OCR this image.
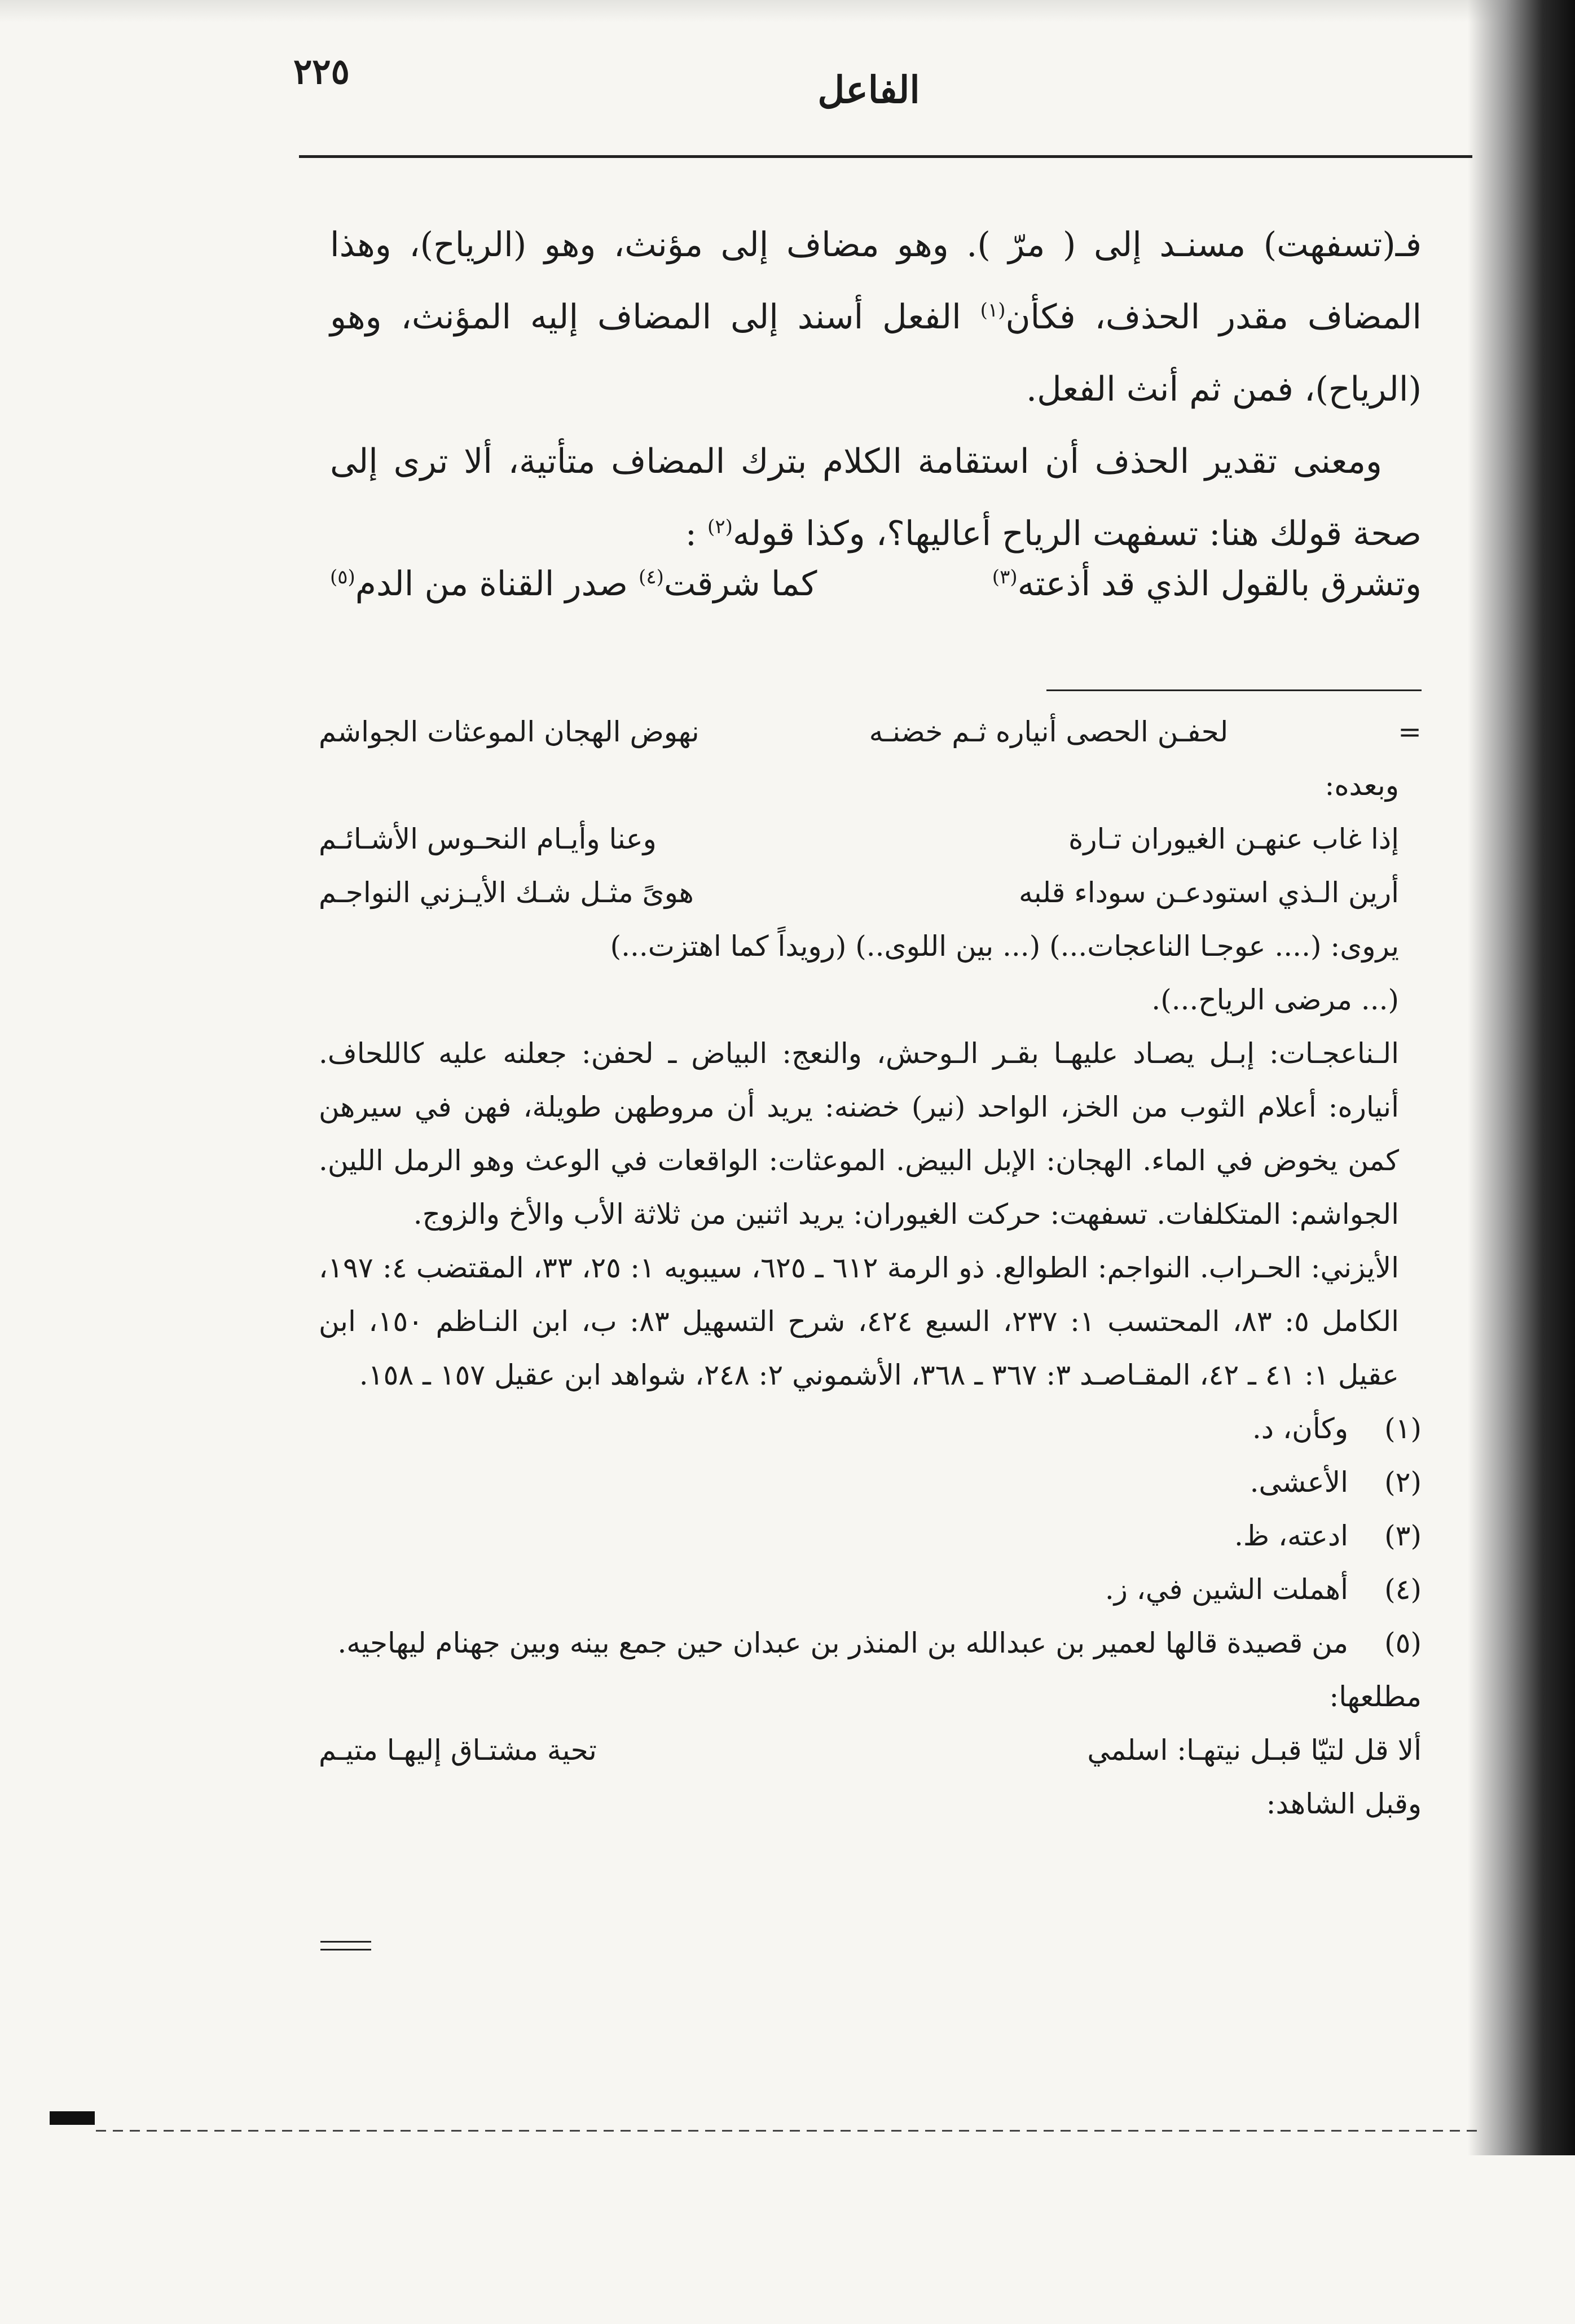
٢٢٥	الفاعل

فـ(تسفهت) مسنـد إلى ( مرّ ). وهو مضاف إلى مؤنث، وهو (الرياح)، وهذا المضاف مقدر الحذف، فكأن$^{(١)}$ الفعل أسند إلى المضاف إليه المؤنث، وهو (الرياح)، فمن ثم أنث الفعل.

ومعنى تقدير الحذف أن استقامة الكلام بترك المضاف متأتية، ألا ترى إلى صحة قولك هنا: تسفهت الرياح أعاليها؟، وكذا قوله$^{(٢)}$ :

وتشرق بالقول الذي قد أذعته$^{(٣)}$
كما شرقت$^{(٤)}$ صدر القناة من الدم$^{(٥)}$
=
لحفـن الحصى أنياره ثـم خضنـه
نهوض الهجان الموعثات الجواشم

وبعده:

إذا غاب عنهـن الغيوران تـارة
وعنا وأيـام النحـوس الأشـائـم
أرين الـذي استودعـن سوداء قلبه
هوىً مثـل شـك الأيـزني النواجـم

يروى: (.... عوجـا الناعجات...) (... بين اللوى..) (رويداً كما اهتزت...)

(... مرضى الرياح...).

الـناعجـات: إبـل يصـاد عليهـا بقـر الـوحش، والنعج: البياض ـ لحفن: جعلنه عليه كاللحاف. أنياره: أعلام الثوب من الخز، الواحد (نير) خضنه: يريد أن مروطهن طويلة، فهن في سيرهن كمن يخوض في الماء. الهجان: الإبل البيض. الموعثات: الواقعات في الوعث وهو الرمل اللين. الجواشم: المتكلفات. تسفهت: حركت الغيوران: يريد اثنين من ثلاثة الأب والأخ والزوج.

الأيزني: الحـراب. النواجم: الطوالع. ذو الرمة ٦١٢ ـ ٦٢٥، سيبويه ١: ٢٥، ٣٣، المقتضب ٤: ١٩٧، الكامل ٥: ٨٣، المحتسب ١: ٢٣٧، السبع ٤٢٤، شرح التسهيل ٨٣: ب، ابن النـاظم ١٥٠، ابن عقيل ١: ٤١ ـ ٤٢، المقـاصـد ٣: ٣٦٧ ـ ٣٦٨، الأشموني ٢: ٢٤٨، شواهد ابن عقيل ١٥٧ ـ ١٥٨.

(١)
وكأن، د.
(٢)
الأعشى.
(٣)
ادعته، ظ.
(٤)
أهملت الشين في، ز.
(٥)
من قصيدة قالها لعمير بن عبدالله بن المنذر بن عبدان حين جمع بينه وبين جهنام ليهاجيه.

مطلعها:

ألا قل لتيّا قبـل نيتهـا: اسلمي
تحية مشتـاق إليهـا متيـم

وقبل الشاهد:
